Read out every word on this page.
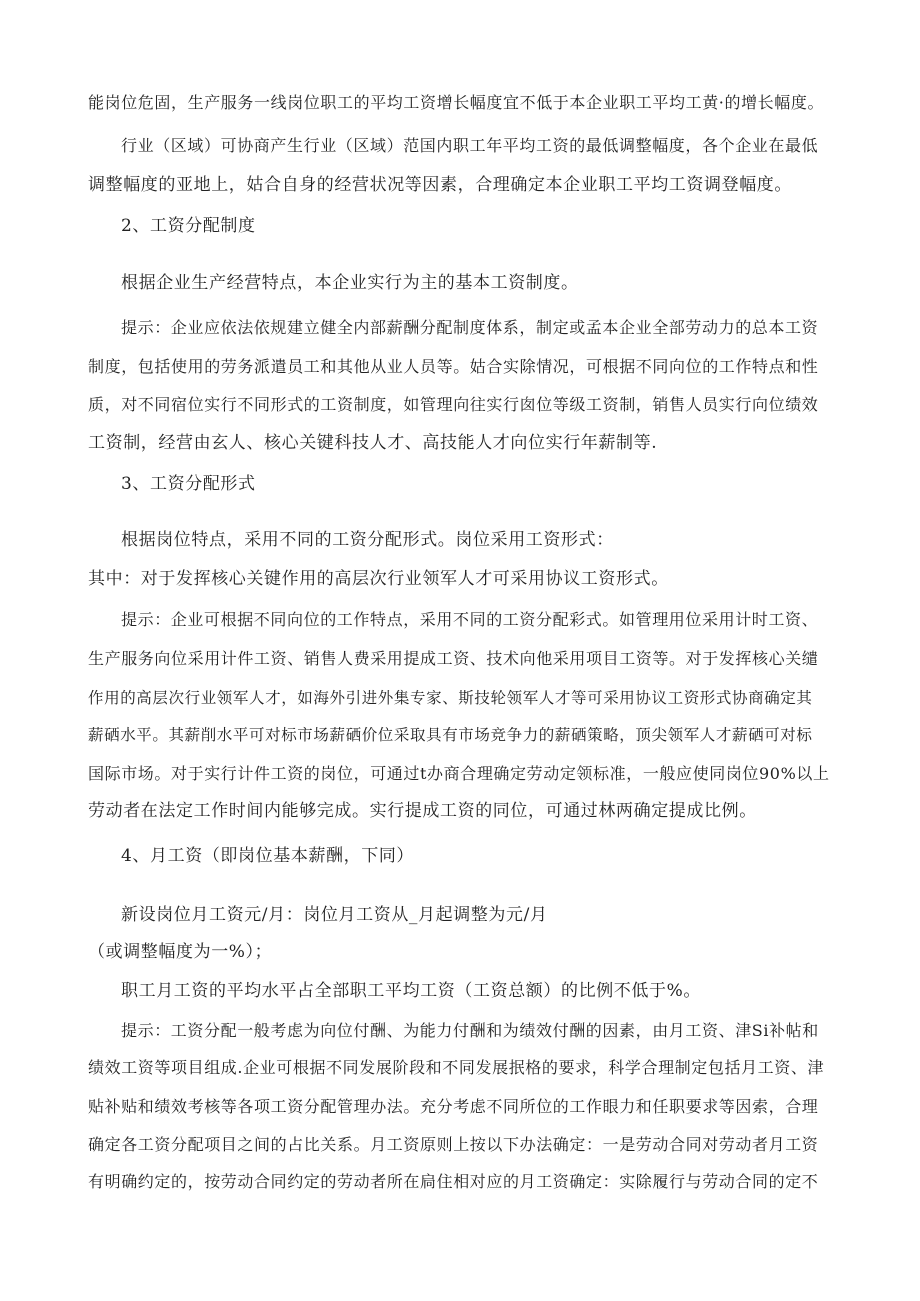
能岗位危固，生产服务一线岗位职工的平均工资增长幅度宜不低于本企业职工平均工黄·的增长幅度。
行业（区域）可协商产生行业（区域）范国内职工年平均工资的最低调整幅度，各个企业在最低
调整幅度的亚地上，姑合自身的经营状况等因素，合理确定本企业职工平均工资调登幅度。
2、工资分配制度
根据企业生产经营特点，本企业实行为主的基本工资制度。
提示：企业应依法依规建立健全内部薪酬分配制度体系，制定或孟本企业全部劳动力的总本工资
制度，包括使用的劳务派遣员工和其他从业人员等。姑合实除情况，可根据不同向位的工作特点和性
质，对不同宿位实行不同形式的工资制度，如管理向往实行囱位等级工资制，销售人员实行向位绩效
工资制，经营由玄人、核心关键科技人才、高技能人才向位实行年薪制等.
3、工资分配形式
根据岗位特点，采用不同的工资分配形式。岗位采用工资形式：
其中：对于发挥核心关键作用的高层次行业领军人才可采用协议工资形式。
提示：企业可根据不同向位的工作特点，采用不同的工资分配彩式。如管理用位采用计时工资、
生产服务向位采用计件工资、销售人费采用提成工资、技术向他采用项目工资等。对于发挥核心关缱
作用的高层次行业领军人才，如海外引进外集专家、斯技轮领军人才等可采用协议工资形式协商确定其
薪硒水平。其薪削水平可对标市场薪硒价位采取具有市场竞争力的薪硒策略，顶尖领军人才薪硒可对标
国际市场。对于实行计件工资的岗位，可通过t办商合理确定劳动定领标准，一般应使同岗位90%以上
劳动者在法定工作时间内能够完成。实行提成工资的同位，可通过林两确定提成比例。
4、月工资（即岗位基本薪酬，下同）
新设岗位月工资元/月：岗位月工资从_月起调整为元/月
（或调整幅度为一%）；
职工月工资的平均水平占全部职工平均工资（工资总额）的比例不低于%。
提示：工资分配一般考虑为向位付酬、为能力付酬和为绩效付酬的因素，由月工资、津Si补帖和
绩效工资等项目组成.企业可根据不同发展阶段和不同发展抿格的要求，科学合理制定包括月工资、津
贴补贴和绩效考核等各项工资分配管理办法。充分考虑不同所位的工作眼力和任职要求等因索，合理
确定各工资分配项目之间的占比关系。月工资原则上按以下办法确定：一是劳动合同对劳动者月工资
有明确约定的，按劳动合同约定的劳动者所在扃住相对应的月工资确定：实除履行与劳动合同的定不
